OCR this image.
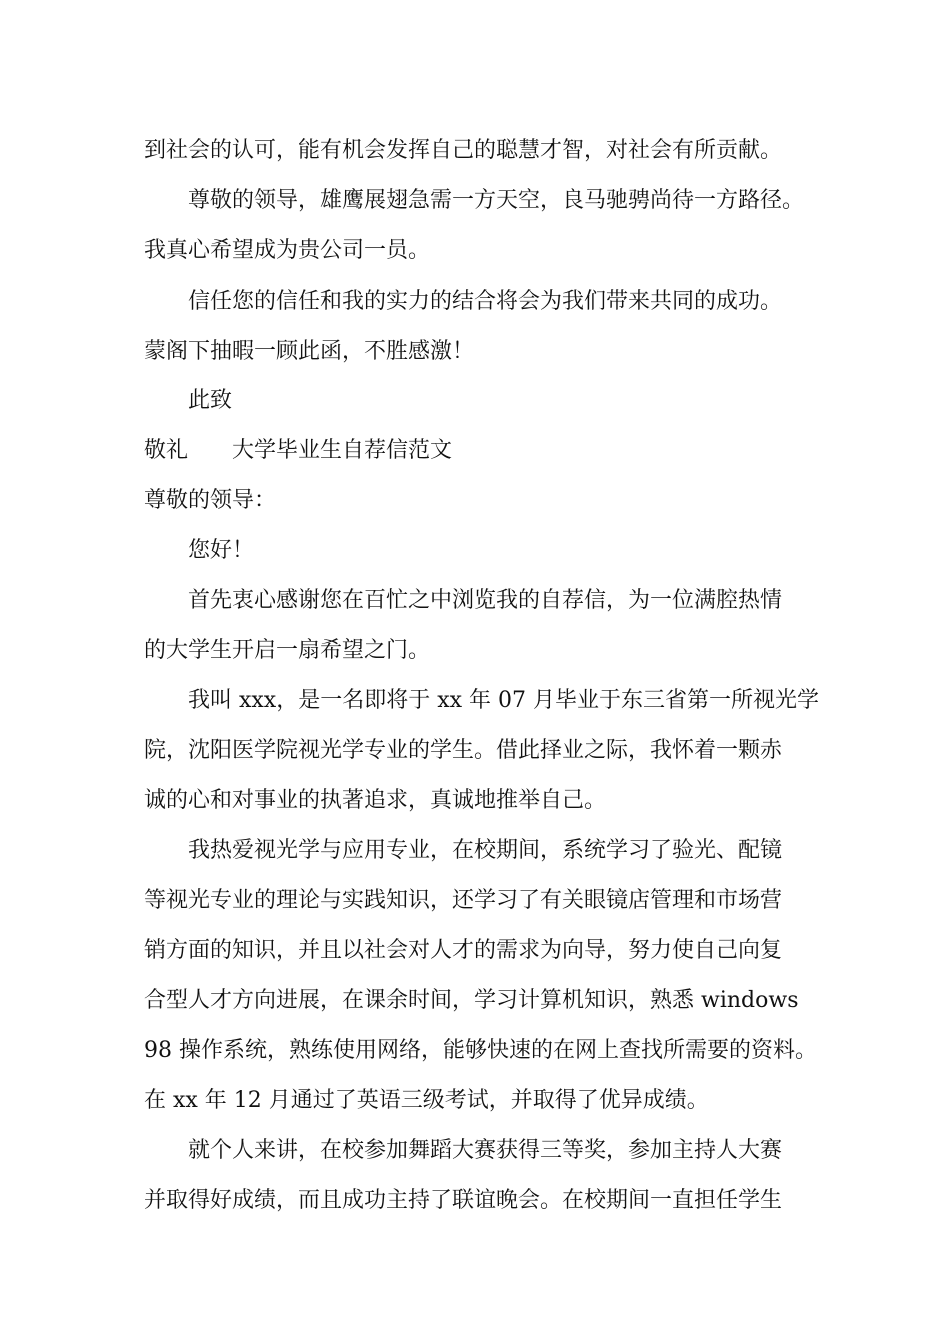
到社会的认可，能有机会发挥自己的聪慧才智，对社会有所贡献。
尊敬的领导，雄鹰展翅急需一方天空，良马驰骋尚待一方路径。
我真心希望成为贵公司一员。
信任您的信任和我的实力的结合将会为我们带来共同的成功。
蒙阁下抽暇一顾此函，不胜感激！
此致
敬礼 大学毕业生自荐信范文
尊敬的领导：
您好！
首先衷心感谢您在百忙之中浏览我的自荐信，为一位满腔热情
的大学生开启一扇希望之门。
我叫 xxx，是一名即将于 xx 年 07 月毕业于东三省第一所视光学
院，沈阳医学院视光学专业的学生。借此择业之际，我怀着一颗赤
诚的心和对事业的执著追求，真诚地推举自己。
我热爱视光学与应用专业，在校期间，系统学习了验光、配镜
等视光专业的理论与实践知识，还学习了有关眼镜店管理和市场营
销方面的知识，并且以社会对人才的需求为向导，努力使自己向复
合型人才方向进展，在课余时间，学习计算机知识，熟悉 windows
98 操作系统，熟练使用网络，能够快速的在网上查找所需要的资料。
在 xx 年 12 月通过了英语三级考试，并取得了优异成绩。
就个人来讲，在校参加舞蹈大赛获得三等奖，参加主持人大赛
并取得好成绩，而且成功主持了联谊晚会。在校期间一直担任学生
